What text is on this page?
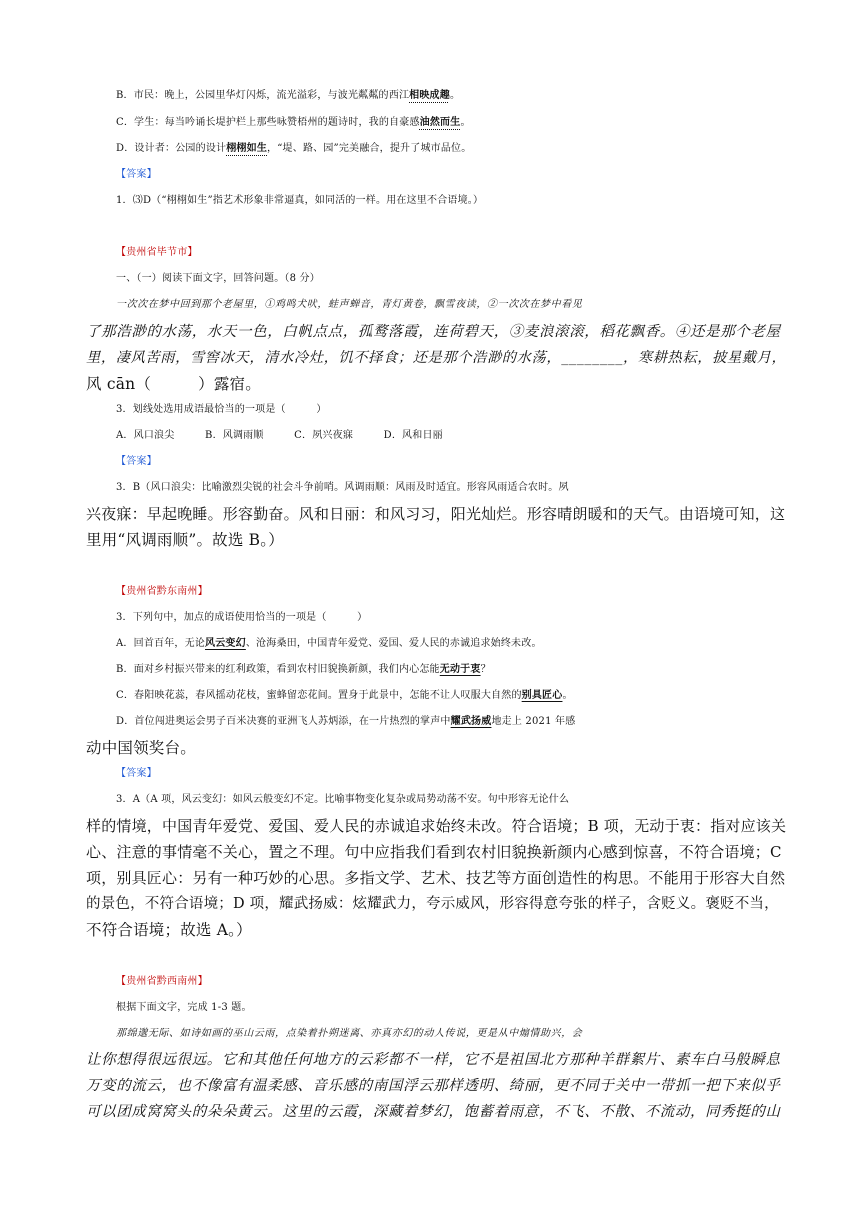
B．市民：晚上，公园里华灯闪烁，流光溢彩，与波光粼粼的西江相映成趣。
C．学生：每当吟诵长堤护栏上那些咏赞梧州的题诗时，我的自豪感油然而生。
D．设计者：公园的设计栩栩如生，“堤、路、园”完美融合，提升了城市品位。
【答案】
1．⑶D（“栩栩如生”指艺术形象非常逼真，如同活的一样。用在这里不合语境。）
【贵州省毕节市】
一、（一）阅读下面文字，回答问题。（8 分）
一次次在梦中回到那个老屋里，①鸡鸣犬吠，蛙声蝉音，青灯黄卷，飘雪夜读，②一次次在梦中看见
了那浩渺的水荡，水天一色，白帆点点，孤鹜落霞，连荷碧天，③麦浪滚滚，稻花飘香。④还是那个老屋
里，凄风苦雨，雪窖冰天，清水冷灶，饥不择食；还是那个浩渺的水荡，________，寒耕热耘，披星戴月，
风 cān（　　　）露宿。
3．划线处选用成语最恰当的一项是（　　　）
A．风口浪尖　　　B．风调雨顺　　　C．夙兴夜寐　　　D．风和日丽
【答案】
3．B（风口浪尖：比喻激烈尖锐的社会斗争前哨。风调雨顺：风雨及时适宜。形容风雨适合农时。夙
兴夜寐：早起晚睡。形容勤奋。风和日丽：和风习习，阳光灿烂。形容晴朗暖和的天气。由语境可知，这
里用“风调雨顺”。故选 B。）
【贵州省黔东南州】
3．下列句中，加点的成语使用恰当的一项是（　　　）
A．回首百年，无论风云变幻、沧海桑田，中国青年爱党、爱国、爱人民的赤诚追求始终未改。
B．面对乡村振兴带来的红利政策，看到农村旧貌换新颜，我们内心怎能无动于衷？
C．春阳映花蕊，春风摇动花枝，蜜蜂留恋花间。置身于此景中，怎能不让人叹服大自然的别具匠心。
D．首位闯进奥运会男子百米决赛的亚洲飞人苏炳添，在一片热烈的掌声中耀武扬威地走上 2021 年感
动中国领奖台。
【答案】
3．A（A 项，风云变幻：如风云般变幻不定。比喻事物变化复杂或局势动荡不安。句中形容无论什么
样的情境，中国青年爱党、爱国、爱人民的赤诚追求始终未改。符合语境；B 项，无动于衷：指对应该关
心、注意的事情毫不关心，置之不理。句中应指我们看到农村旧貌换新颜内心感到惊喜，不符合语境；C
项，别具匠心：另有一种巧妙的心思。多指文学、艺术、技艺等方面创造性的构思。不能用于形容大自然
的景色，不符合语境；D 项，耀武扬威：炫耀武力，夸示威风，形容得意夸张的样子，含贬义。褒贬不当，
不符合语境；故选 A。）
【贵州省黔西南州】
根据下面文字，完成 1-3 题。
那绵邈无际、如诗如画的巫山云雨，点染着扑朔迷离、亦真亦幻的动人传说，更是从中煽情助兴，会
让你想得很远很远。它和其他任何地方的云彩都不一样，它不是祖国北方那种羊群絮片、素车白马般瞬息
万变的流云，也不像富有温柔感、音乐感的南国浮云那样透明、绮丽，更不同于关中一带抓一把下来似乎
可以团成窝窝头的朵朵黄云。这里的云霞，深藏着梦幻，饱蓄着雨意，不飞、不散、不流动，同秀挺的山
